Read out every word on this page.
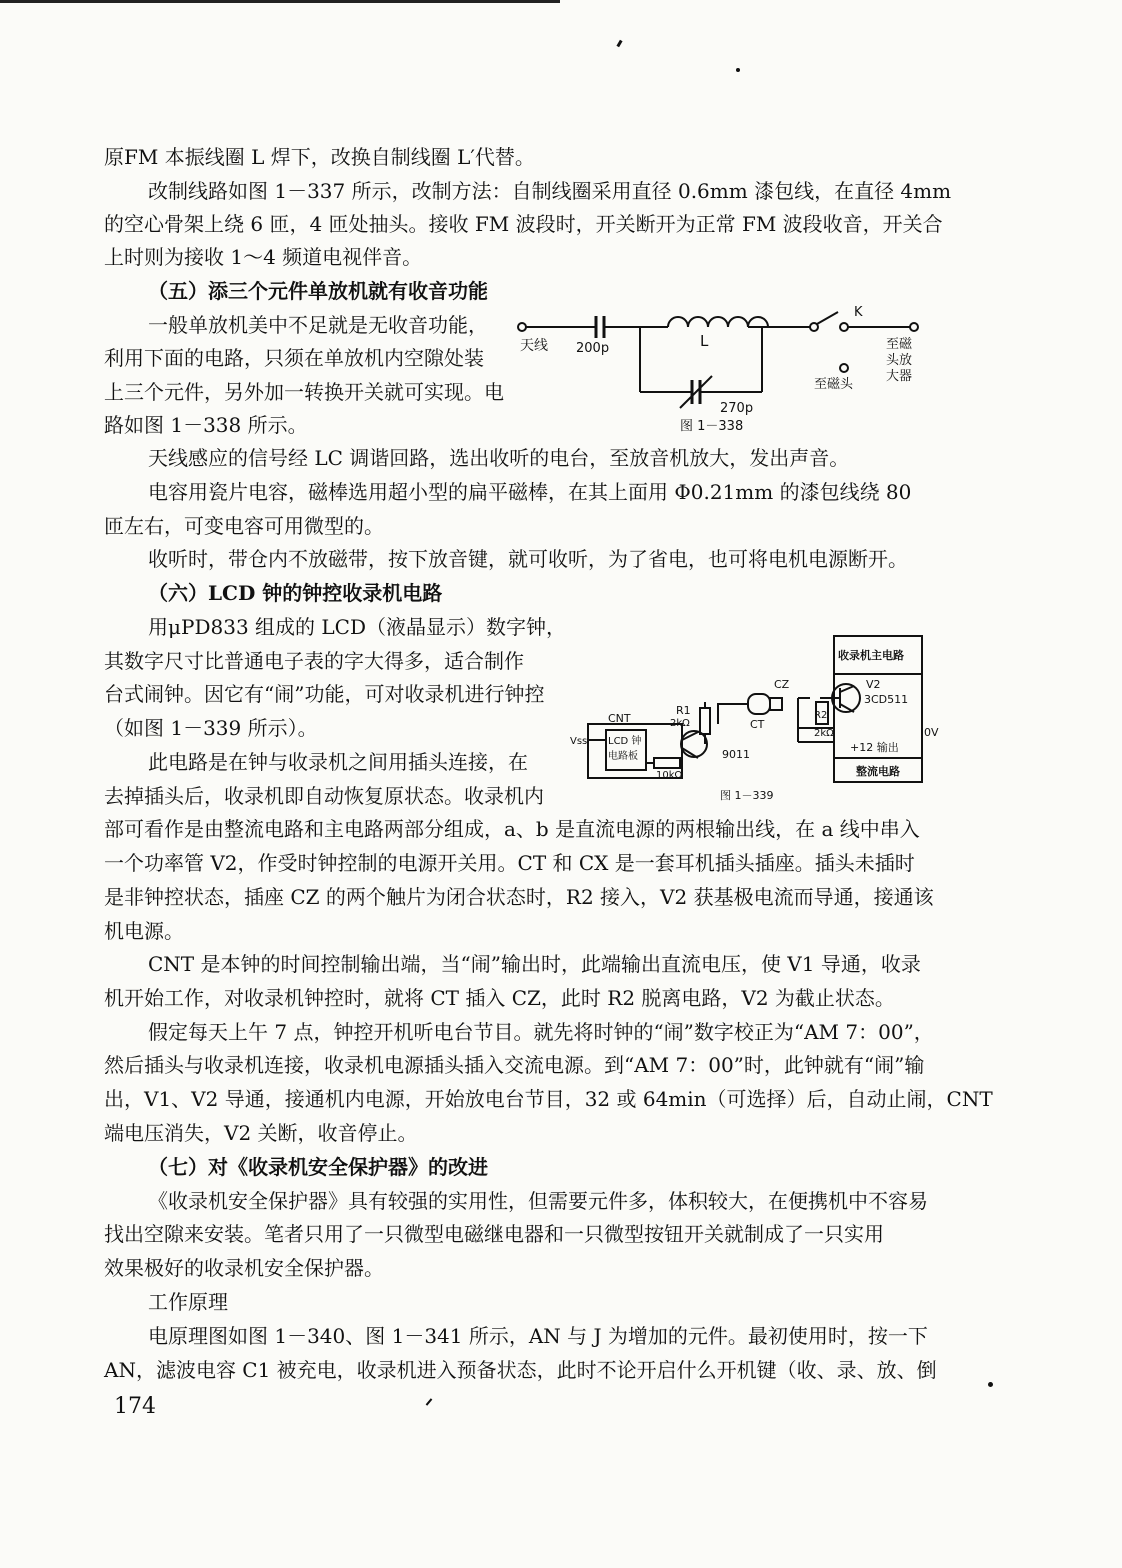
原FM 本振线圈 L 焊下，改换自制线圈 L′代替。
改制线路如图 1－337 所示，改制方法：自制线圈采用直径 0.6mm 漆包线，在直径 4mm
的空心骨架上绕 6 匝，4 匝处抽头。接收 FM 波段时，开关断开为正常 FM 波段收音，开关合
上时则为接收 1～4 频道电视伴音。
（五）添三个元件单放机就有收音功能
一般单放机美中不足就是无收音功能，
利用下面的电路，只须在单放机内空隙处装
上三个元件，另外加一转换开关就可实现。电
路如图 1－338 所示。
天线感应的信号经 LC 调谐回路，选出收听的电台，至放音机放大，发出声音。
电容用瓷片电容，磁棒选用超小型的扁平磁棒，在其上面用 Φ0.21mm 的漆包线绕 80
匝左右，可变电容可用微型的。
收听时，带仓内不放磁带，按下放音键，就可收听，为了省电，也可将电机电源断开。
（六）LCD 钟的钟控收录机电路
用μPD833 组成的 LCD（液晶显示）数字钟，
其数字尺寸比普通电子表的字大得多，适合制作
台式闹钟。因它有“闹”功能，可对收录机进行钟控
（如图 1－339 所示）。
此电路是在钟与收录机之间用插头连接，在
去掉插头后，收录机即自动恢复原状态。收录机内
部可看作是由整流电路和主电路两部分组成，a、b 是直流电源的两根输出线，在 a 线中串入
一个功率管 V2，作受时钟控制的电源开关用。CT 和 CX 是一套耳机插头插座。插头未插时
是非钟控状态，插座 CZ 的两个触片为闭合状态时，R2 接入，V2 获基极电流而导通，接通该
机电源。
CNT 是本钟的时间控制输出端，当“闹”输出时，此端输出直流电压，使 V1 导通，收录
机开始工作，对收录机钟控时，就将 CT 插入 CZ，此时 R2 脱离电路，V2 为截止状态。
假定每天上午 7 点，钟控开机听电台节目。就先将时钟的“闹”数字校正为“AM 7：00”，
然后插头与收录机连接，收录机电源插头插入交流电源。到“AM 7：00”时，此钟就有“闹”输
出，V1、V2 导通，接通机内电源，开始放电台节目，32 或 64min（可选择）后，自动止闹，CNT
端电压消失，V2 关断，收音停止。
（七）对《收录机安全保护器》的改进
《收录机安全保护器》具有较强的实用性，但需要元件多，体积较大，在便携机中不容易
找出空隙来安装。笔者只用了一只微型电磁继电器和一只微型按钮开关就制成了一只实用
效果极好的收录机安全保护器。
工作原理
电原理图如图 1－340、图 1－341 所示，AN 与 J 为增加的元件。最初使用时，按一下
AN，滤波电容 C1 被充电，收录机进入预备状态，此时不论开启什么开机键（收、录、放、倒
174
天线 200p	L
270p
K
至磁头
至磁
头放
大器
图 1－338
收录机主电路
V2
3CD511
CZ
CT
R1
2kΩ
R2
2kΩ
CNT
Vss LCD 钟
电路板
10kΩ
9011
0V
+12 输出
整流电路
图 1－339
